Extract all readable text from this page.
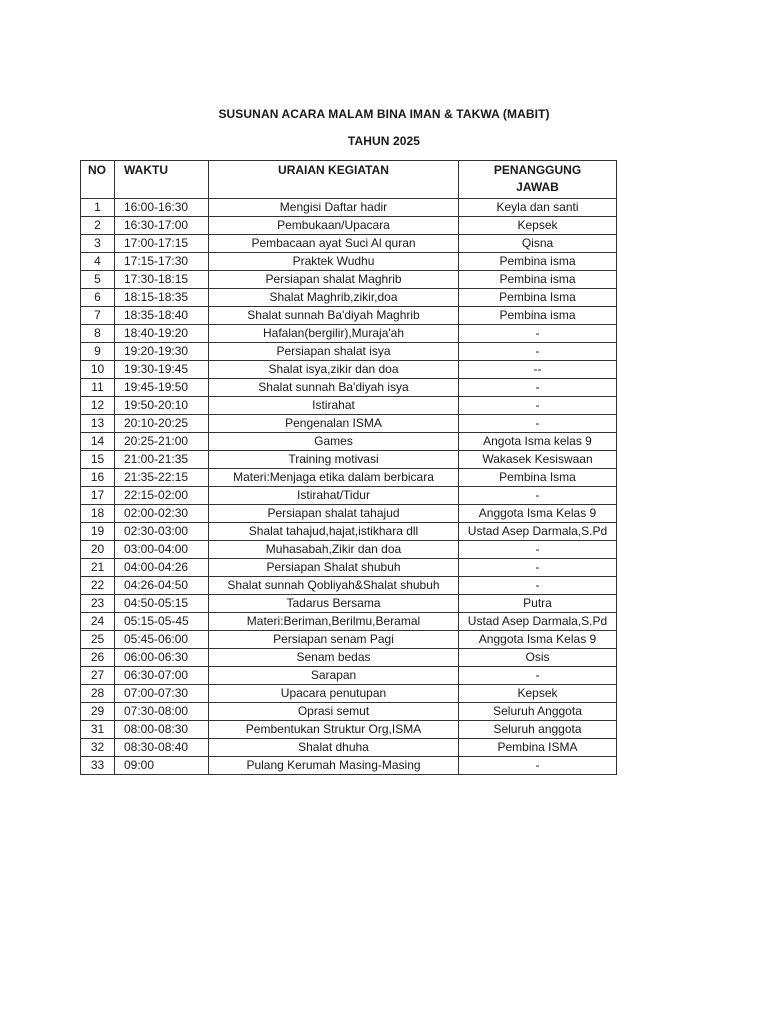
SUSUNAN ACARA MALAM BINA IMAN & TAKWA (MABIT)
TAHUN 2025
NO	WAKTU	URAIAN KEGIATAN	PENANGGUNG
JAWAB

1	16:00-16:30	Mengisi Daftar hadir	Keyla dan santi
2	16:30-17:00	Pembukaan/Upacara	Kepsek
3	17:00-17:15	Pembacaan ayat Suci Al quran	Qisna
4	17:15-17:30	Praktek Wudhu	Pembina isma
5	17:30-18:15	Persiapan shalat Maghrib	Pembina isma
6	18:15-18:35	Shalat Maghrib,zikir,doa	Pembina Isma
7	18:35-18:40	Shalat sunnah Ba'diyah Maghrib	Pembina isma
8	18:40-19:20	Hafalan(bergilir),Muraja'ah	-
9	19:20-19:30	Persiapan shalat isya	-
10	19:30-19:45	Shalat isya,zikir dan doa	--
11	19:45-19:50	Shalat sunnah Ba'diyah isya	-
12	19:50-20:10	Istirahat	-
13	20:10-20:25	Pengenalan ISMA	-
14	20:25-21:00	Games	Angota Isma kelas 9
15	21:00-21:35	Training motivasi	Wakasek Kesiswaan
16	21:35-22:15	Materi:Menjaga etika dalam berbicara	Pembina Isma
17	22:15-02:00	Istirahat/Tidur	-
18	02:00-02:30	Persiapan shalat tahajud	Anggota Isma Kelas 9
19	02:30-03:00	Shalat tahajud,hajat,istikhara dll	Ustad Asep Darmala,S.Pd
20	03:00-04:00	Muhasabah,Zikir dan doa	-
21	04:00-04:26	Persiapan Shalat shubuh	-
22	04:26-04:50	Shalat sunnah Qobliyah&Shalat shubuh	-
23	04:50-05:15	Tadarus Bersama	Putra
24	05:15-05-45	Materi:Beriman,Berilmu,Beramal	Ustad Asep Darmala,S.Pd
25	05:45-06:00	Persiapan senam Pagi	Anggota Isma Kelas 9
26	06:00-06:30	Senam bedas	Osis
27	06:30-07:00	Sarapan	-
28	07:00-07:30	Upacara penutupan	Kepsek
29	07:30-08:00	Oprasi semut	Seluruh Anggota
31	08:00-08:30	Pembentukan Struktur Org,ISMA	Seluruh anggota
32	08:30-08:40	Shalat dhuha	Pembina ISMA
33	09:00	Pulang Kerumah Masing-Masing	-
